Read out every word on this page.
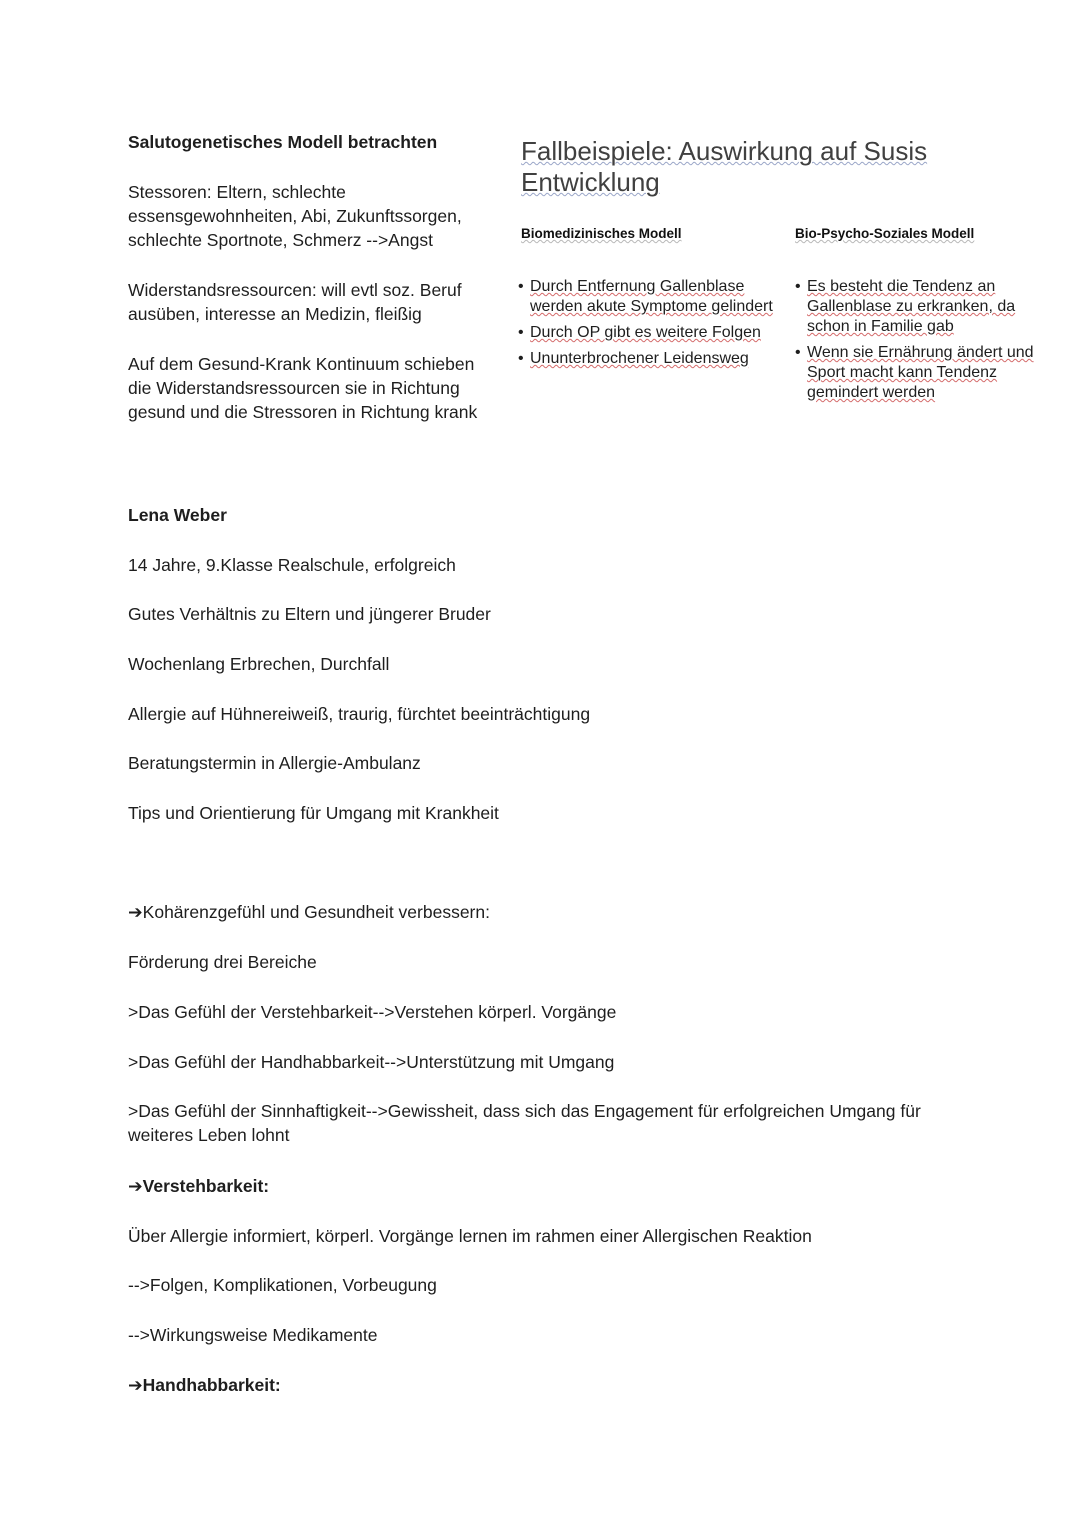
Salutogenetisches Modell betrachten

Stessoren: Eltern, schlechte essensgewohnheiten, Abi, Zukunftssorgen, schlechte Sportnote, Schmerz -->Angst

Widerstandsressourcen: will evtl soz. Beruf ausüben, interesse an Medizin, fleißig

Auf dem Gesund-Krank Kontinuum schieben die Widerstandsressourcen sie in Richtung gesund und die Stressoren in Richtung krank

Fallbeispiele: Auswirkung auf Susis Entwicklung
Biomedizinisches Modell
• Durch Entfernung Gallenblase werden akute Symptome gelindert
• Durch OP gibt es weitere Folgen
• Ununterbrochener Leidensweg
Bio-Psycho-Soziales Modell
• Es besteht die Tendenz an Gallenblase zu erkranken, da schon in Familie gab
• Wenn sie Ernährung ändert und Sport macht kann Tendenz gemindert werden

Lena Weber

14 Jahre, 9.Klasse Realschule, erfolgreich

Gutes Verhältnis zu Eltern und jüngerer Bruder

Wochenlang Erbrechen, Durchfall

Allergie auf Hühnereiweiß, traurig, fürchtet beeinträchtigung

Beratungstermin in Allergie-Ambulanz

Tips und Orientierung für Umgang mit Krankheit

➔Kohärenzgefühl und Gesundheit verbessern:

Förderung drei Bereiche

>Das Gefühl der Verstehbarkeit-->Verstehen körperl. Vorgänge

>Das Gefühl der Handhabbarkeit-->Unterstützung mit Umgang

>Das Gefühl der Sinnhaftigkeit-->Gewissheit, dass sich das Engagement für erfolgreichen Umgang für weiteres Leben lohnt

➔Verstehbarkeit:

Über Allergie informiert, körperl. Vorgänge lernen im rahmen einer Allergischen Reaktion

-->Folgen, Komplikationen, Vorbeugung

-->Wirkungsweise Medikamente

➔Handhabbarkeit:
